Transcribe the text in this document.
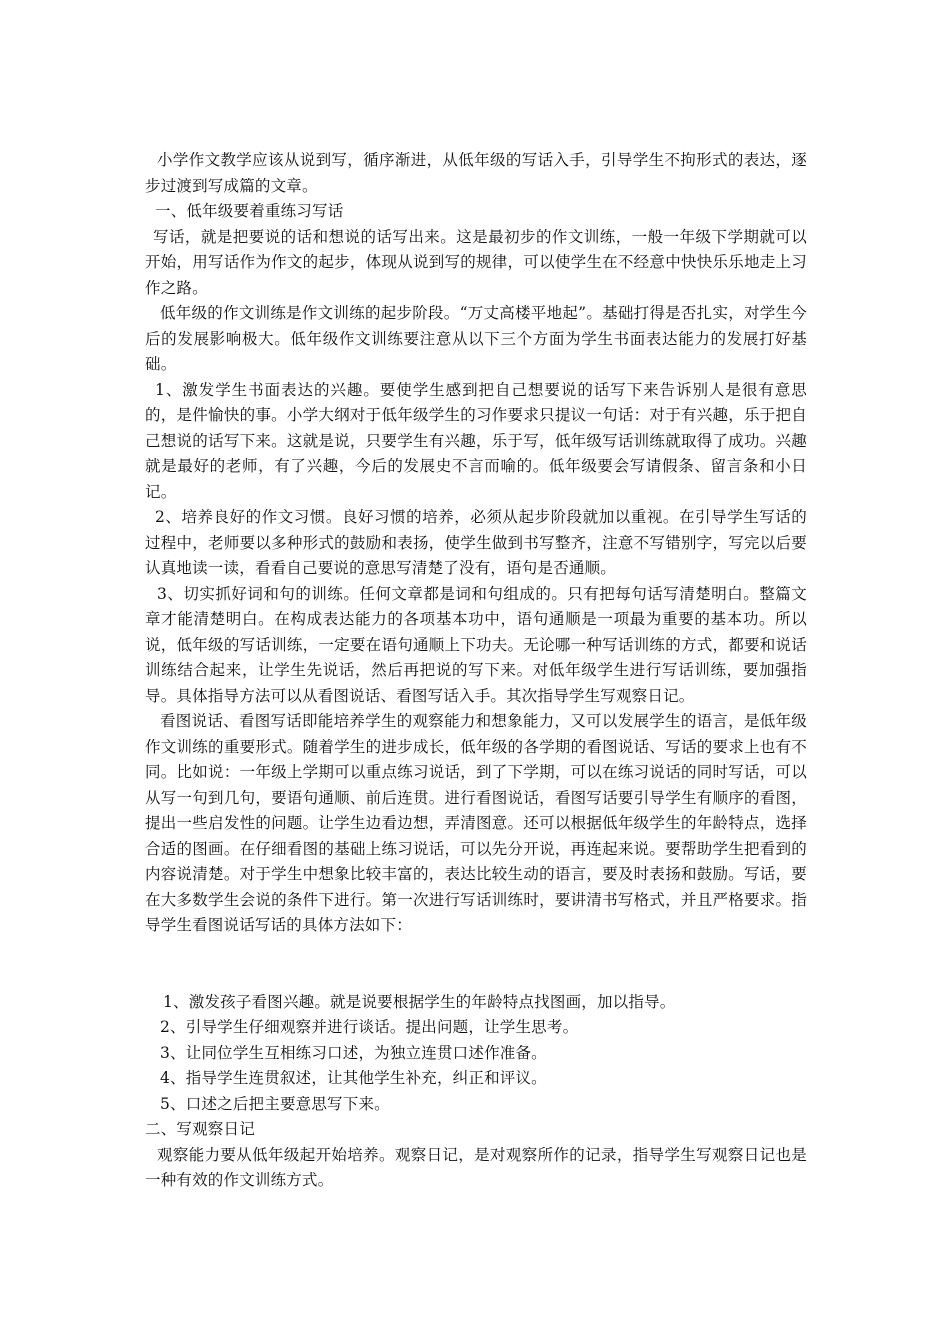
小学作文教学应该从说到写，循序渐进，从低年级的写话入手，引导学生不拘形式的表达，逐步过渡到写成篇的文章。

一、低年级要着重练习写话

写话，就是把要说的话和想说的话写出来。这是最初步的作文训练，一般一年级下学期就可以开始，用写话作为作文的起步，体现从说到写的规律，可以使学生在不经意中快快乐乐地走上习作之路。

低年级的作文训练是作文训练的起步阶段。“万丈高楼平地起”。基础打得是否扎实，对学生今后的发展影响极大。低年级作文训练要注意从以下三个方面为学生书面表达能力的发展打好基础。

1、激发学生书面表达的兴趣。要使学生感到把自己想要说的话写下来告诉别人是很有意思的，是件愉快的事。小学大纲对于低年级学生的习作要求只提议一句话：对于有兴趣，乐于把自己想说的话写下来。这就是说，只要学生有兴趣，乐于写，低年级写话训练就取得了成功。兴趣就是最好的老师，有了兴趣，今后的发展史不言而喻的。低年级要会写请假条、留言条和小日记。

2、培养良好的作文习惯。良好习惯的培养，必须从起步阶段就加以重视。在引导学生写话的过程中，老师要以多种形式的鼓励和表扬，使学生做到书写整齐，注意不写错别字，写完以后要认真地读一读，看看自己要说的意思写清楚了没有，语句是否通顺。

3、切实抓好词和句的训练。任何文章都是词和句组成的。只有把每句话写清楚明白。整篇文章才能清楚明白。在构成表达能力的各项基本功中，语句通顺是一项最为重要的基本功。所以说，低年级的写话训练，一定要在语句通顺上下功夫。无论哪一种写话训练的方式，都要和说话训练结合起来，让学生先说话，然后再把说的写下来。对低年级学生进行写话训练，要加强指导。具体指导方法可以从看图说话、看图写话入手。其次指导学生写观察日记。

看图说话、看图写话即能培养学生的观察能力和想象能力，又可以发展学生的语言，是低年级作文训练的重要形式。随着学生的进步成长，低年级的各学期的看图说话、写话的要求上也有不同。比如说：一年级上学期可以重点练习说话，到了下学期，可以在练习说话的同时写话，可以从写一句到几句，要语句通顺、前后连贯。进行看图说话，看图写话要引导学生有顺序的看图，提出一些启发性的问题。让学生边看边想，弄清图意。还可以根据低年级学生的年龄特点，选择合适的图画。在仔细看图的基础上练习说话，可以先分开说，再连起来说。要帮助学生把看到的内容说清楚。对于学生中想象比较丰富的，表达比较生动的语言，要及时表扬和鼓励。写话，要在大多数学生会说的条件下进行。第一次进行写话训练时，要讲清书写格式，并且严格要求。指导学生看图说话写话的具体方法如下：

1、激发孩子看图兴趣。就是说要根据学生的年龄特点找图画，加以指导。

2、引导学生仔细观察并进行谈话。提出问题，让学生思考。

3、让同位学生互相练习口述，为独立连贯口述作准备。

4、指导学生连贯叙述，让其他学生补充，纠正和评议。

5、口述之后把主要意思写下来。

二、写观察日记

观察能力要从低年级起开始培养。观察日记，是对观察所作的记录，指导学生写观察日记也是一种有效的作文训练方式。
